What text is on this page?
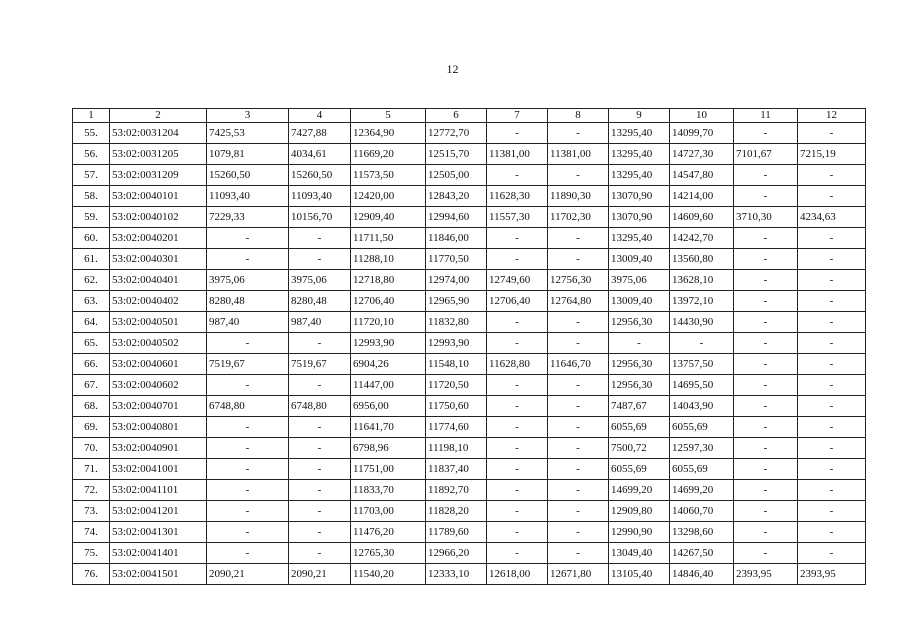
12
1	2	3	4	5	6	7	8	9	10	11	12
55.	53:02:0031204	7425,53	7427,88	12364,90	12772,70	-	-	13295,40	14099,70	-	-
56.	53:02:0031205	1079,81	4034,61	11669,20	12515,70	11381,00	11381,00	13295,40	14727,30	7101,67	7215,19
57.	53:02:0031209	15260,50	15260,50	11573,50	12505,00	-	-	13295,40	14547,80	-	-
58.	53:02:0040101	11093,40	11093,40	12420,00	12843,20	11628,30	11890,30	13070,90	14214,00	-	-
59.	53:02:0040102	7229,33	10156,70	12909,40	12994,60	11557,30	11702,30	13070,90	14609,60	3710,30	4234,63
60.	53:02:0040201	-	-	11711,50	11846,00	-	-	13295,40	14242,70	-	-
61.	53:02:0040301	-	-	11288,10	11770,50	-	-	13009,40	13560,80	-	-
62.	53:02:0040401	3975,06	3975,06	12718,80	12974,00	12749,60	12756,30	3975,06	13628,10	-	-
63.	53:02:0040402	8280,48	8280,48	12706,40	12965,90	12706,40	12764,80	13009,40	13972,10	-	-
64.	53:02:0040501	987,40	987,40	11720,10	11832,80	-	-	12956,30	14430,90	-	-
65.	53:02:0040502	-	-	12993,90	12993,90	-	-	-	-	-	-
66.	53:02:0040601	7519,67	7519,67	6904,26	11548,10	11628,80	11646,70	12956,30	13757,50	-	-
67.	53:02:0040602	-	-	11447,00	11720,50	-	-	12956,30	14695,50	-	-
68.	53:02:0040701	6748,80	6748,80	6956,00	11750,60	-	-	7487,67	14043,90	-	-
69.	53:02:0040801	-	-	11641,70	11774,60	-	-	6055,69	6055,69	-	-
70.	53:02:0040901	-	-	6798,96	11198,10	-	-	7500,72	12597,30	-	-
71.	53:02:0041001	-	-	11751,00	11837,40	-	-	6055,69	6055,69	-	-
72.	53:02:0041101	-	-	11833,70	11892,70	-	-	14699,20	14699,20	-	-
73.	53:02:0041201	-	-	11703,00	11828,20	-	-	12909,80	14060,70	-	-
74.	53:02:0041301	-	-	11476,20	11789,60	-	-	12990,90	13298,60	-	-
75.	53:02:0041401	-	-	12765,30	12966,20	-	-	13049,40	14267,50	-	-
76.	53:02:0041501	2090,21	2090,21	11540,20	12333,10	12618,00	12671,80	13105,40	14846,40	2393,95	2393,95
